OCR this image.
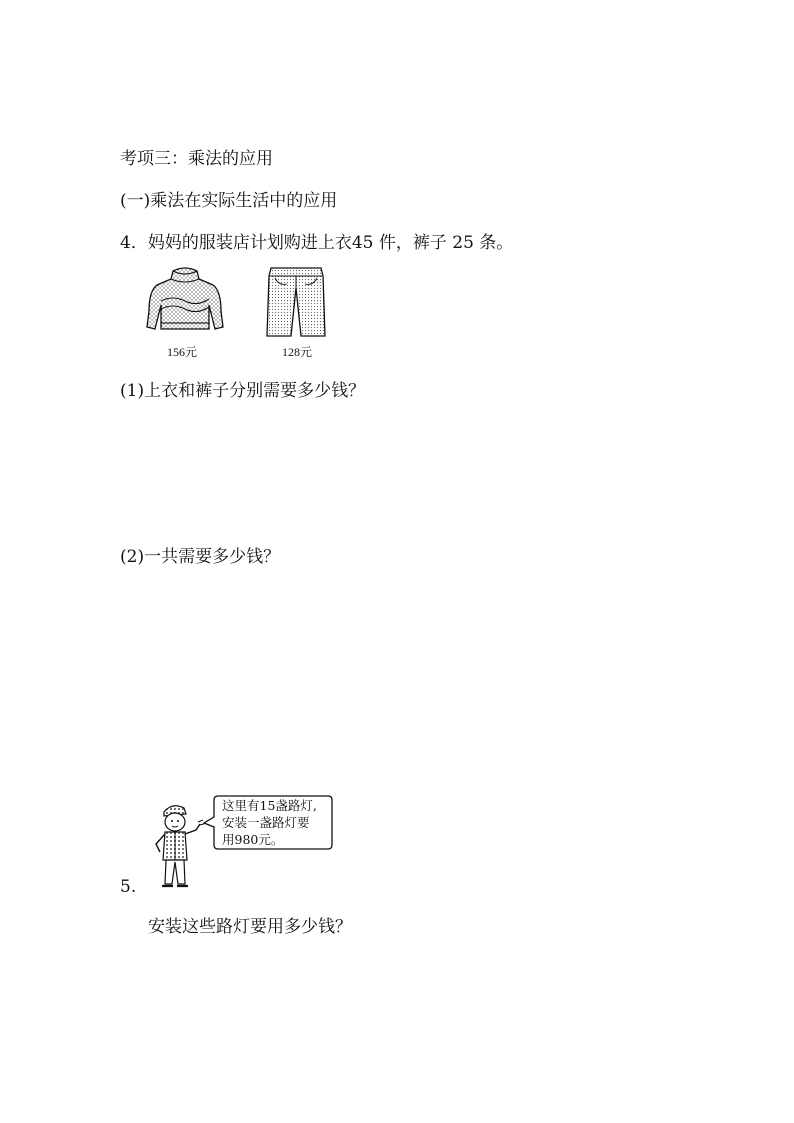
考项三：乘法的应用
(一)乘法在实际生活中的应用
4．妈妈的服装店计划购进上衣45 件，裤子 25 条。
156元	128元
(1)上衣和裤子分别需要多少钱？
(2)一共需要多少钱？
这里有15盏路灯,
安装一盏路灯要
用980元。
5.
安装这些路灯要用多少钱？
